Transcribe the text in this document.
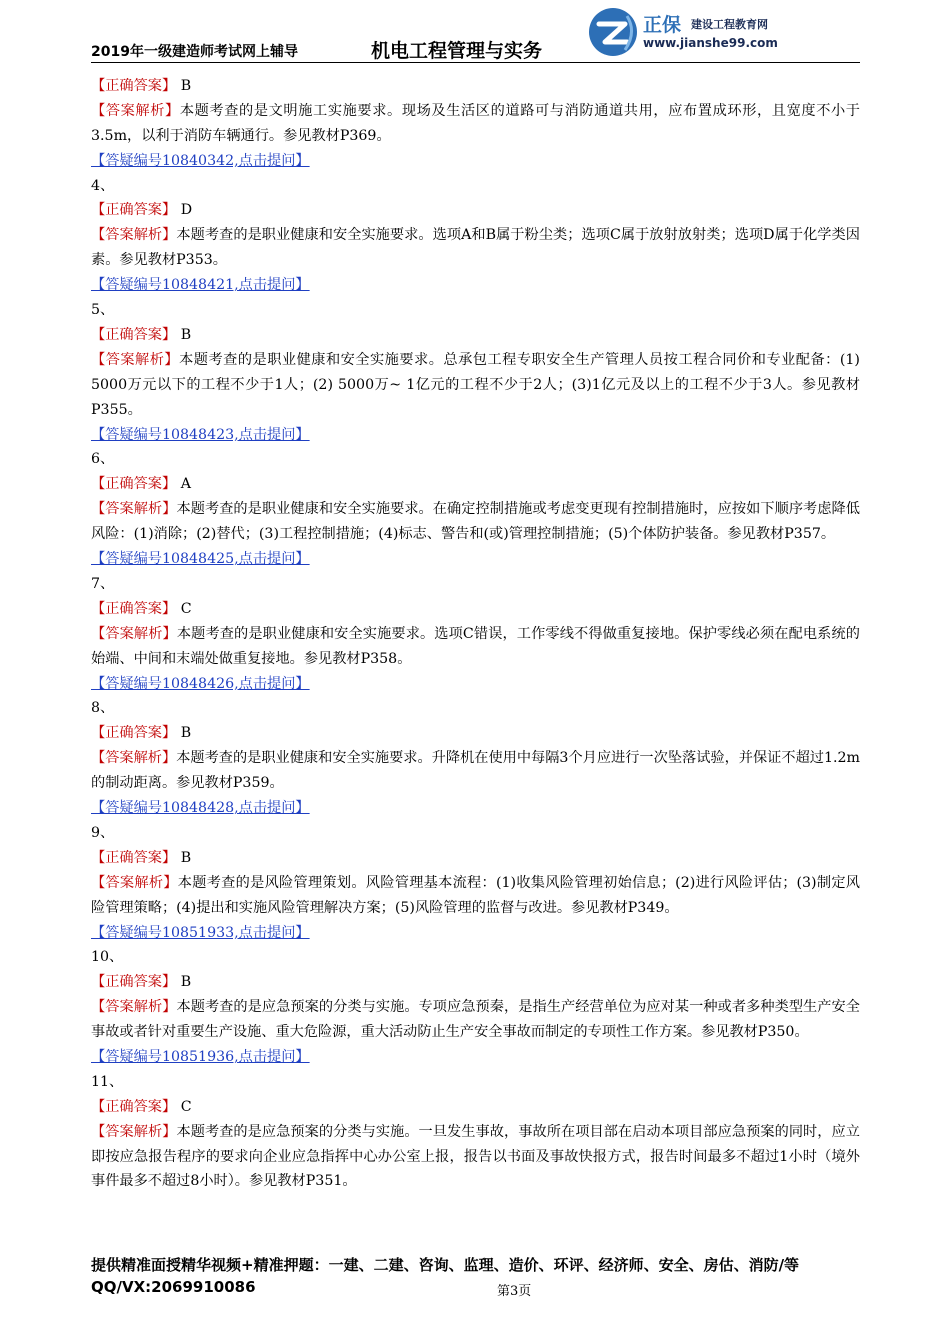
2019年一级建造师考试网上辅导	机电工程管理与实务
正保 建设工程教育网
www.jianshe99.com
【正确答案】 B
【答案解析】本题考查的是文明施工实施要求。现场及生活区的道路可与消防通道共用，应布置成环形，且宽度不小于3.5m，以利于消防车辆通行。参见教材P369。
【答疑编号10840342,点击提问】
4、
【正确答案】 D
【答案解析】本题考查的是职业健康和安全实施要求。选项A和B属于粉尘类；选项C属于放射放射类；选项D属于化学类因素。参见教材P353。
【答疑编号10848421,点击提问】
5、
【正确答案】 B
【答案解析】本题考查的是职业健康和安全实施要求。总承包工程专职安全生产管理人员按工程合同价和专业配备：(1) 5000万元以下的工程不少于1人；(2) 5000万~ 1亿元的工程不少于2人；(3)1亿元及以上的工程不少于3人。参见教材P355。
【答疑编号10848423,点击提问】
6、
【正确答案】 A
【答案解析】本题考查的是职业健康和安全实施要求。在确定控制措施或考虑变更现有控制措施时，应按如下顺序考虑降低风险：(1)消除；(2)替代；(3)工程控制措施；(4)标志、警告和(或)管理控制措施；(5)个体防护装备。参见教材P357。
【答疑编号10848425,点击提问】
7、
【正确答案】 C
【答案解析】本题考查的是职业健康和安全实施要求。选项C错误，工作零线不得做重复接地。保护零线必须在配电系统的始端、中间和末端处做重复接地。参见教材P358。
【答疑编号10848426,点击提问】
8、
【正确答案】 B
【答案解析】本题考查的是职业健康和安全实施要求。升降机在使用中每隔3个月应进行一次坠落试验，并保证不超过1.2m的制动距离。参见教材P359。
【答疑编号10848428,点击提问】
9、
【正确答案】 B
【答案解析】本题考查的是风险管理策划。风险管理基本流程：(1)收集风险管理初始信息；(2)进行风险评估；(3)制定风险管理策略；(4)提出和实施风险管理解决方案；(5)风险管理的监督与改进。参见教材P349。
【答疑编号10851933,点击提问】
10、
【正确答案】 B
【答案解析】本题考查的是应急预案的分类与实施。专项应急预秦，是指生产经营单位为应对某一种或者多种类型生产安全事故或者针对重要生产设施、重大危险源，重大活动防止生产安全事故而制定的专项性工作方案。参见教材P350。
【答疑编号10851936,点击提问】
11、
【正确答案】 C
【答案解析】本题考查的是应急预案的分类与实施。一旦发生事故，事故所在项目部在启动本项目部应急预案的同时，应立即按应急报告程序的要求向企业应急指挥中心办公室上报，报告以书面及事故快报方式，报告时间最多不超过1小时（境外事件最多不超过8小时）。参见教材P351。
提供精准面授精华视频+精准押题：一建、二建、咨询、监理、造价、环评、经济师、安全、房估、消防/等
QQ/VX:2069910086	第3页
